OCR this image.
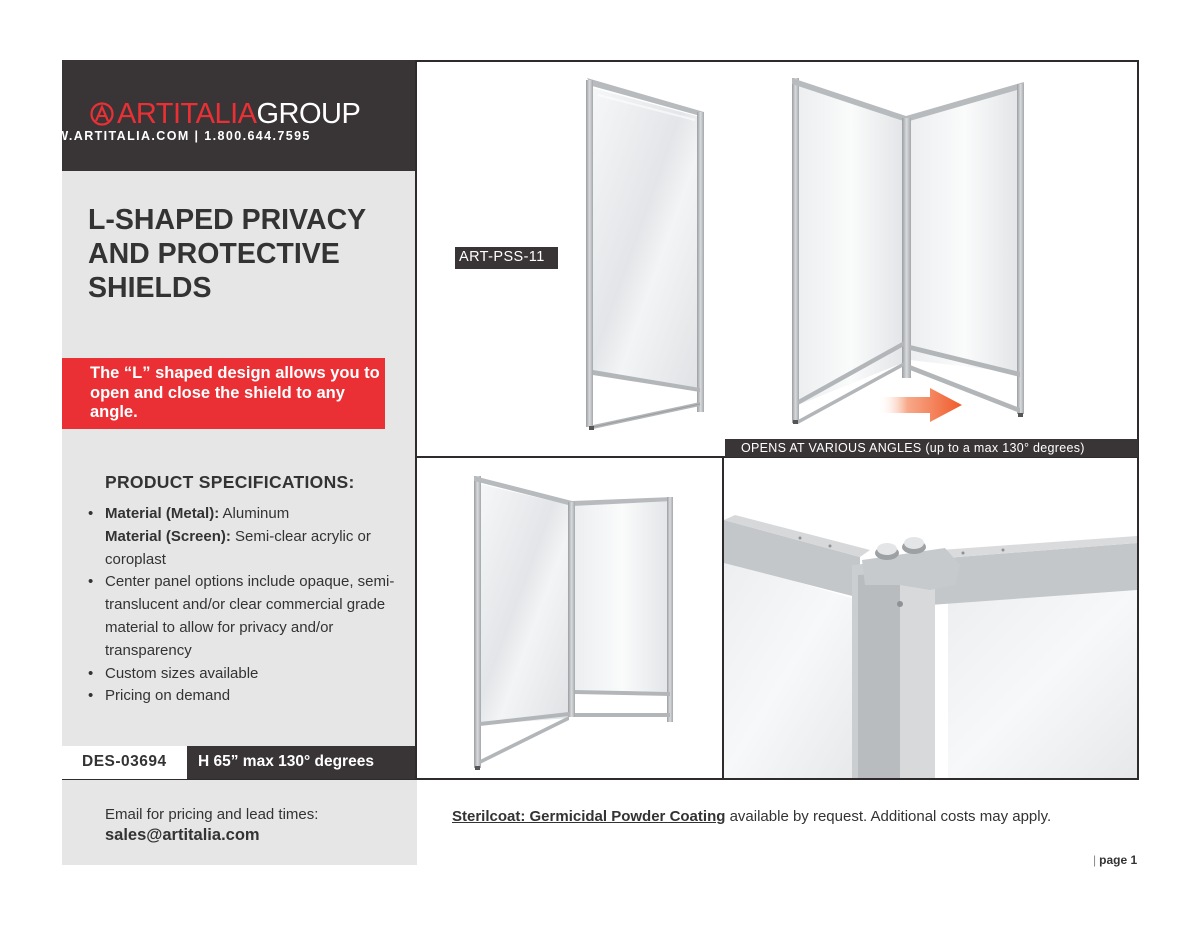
ARTITALIA GROUP
WWW.ARTITALIA.COM | 1.800.644.7595
L-SHAPED PRIVACY AND PROTECTIVE SHIELDS
The “L” shaped design allows you to open and close the shield to any angle.
PRODUCT SPECIFICATIONS:
• Material (Metal): Aluminum
Material (Screen): Semi-clear acrylic or coroplast
• Center panel options include opaque, semi-translucent and/or clear commercial grade material to allow for privacy and/or transparency
• Custom sizes available
• Pricing on demand
DES-03694 H 65” max 130° degrees
Email for pricing and lead times:
sales@artitalia.com
ART-PSS-11
OPENS AT VARIOUS ANGLES (up to a max 130° degrees)
Sterilcoat: Germicidal Powder Coating available by request. Additional costs may apply.
| page 1
